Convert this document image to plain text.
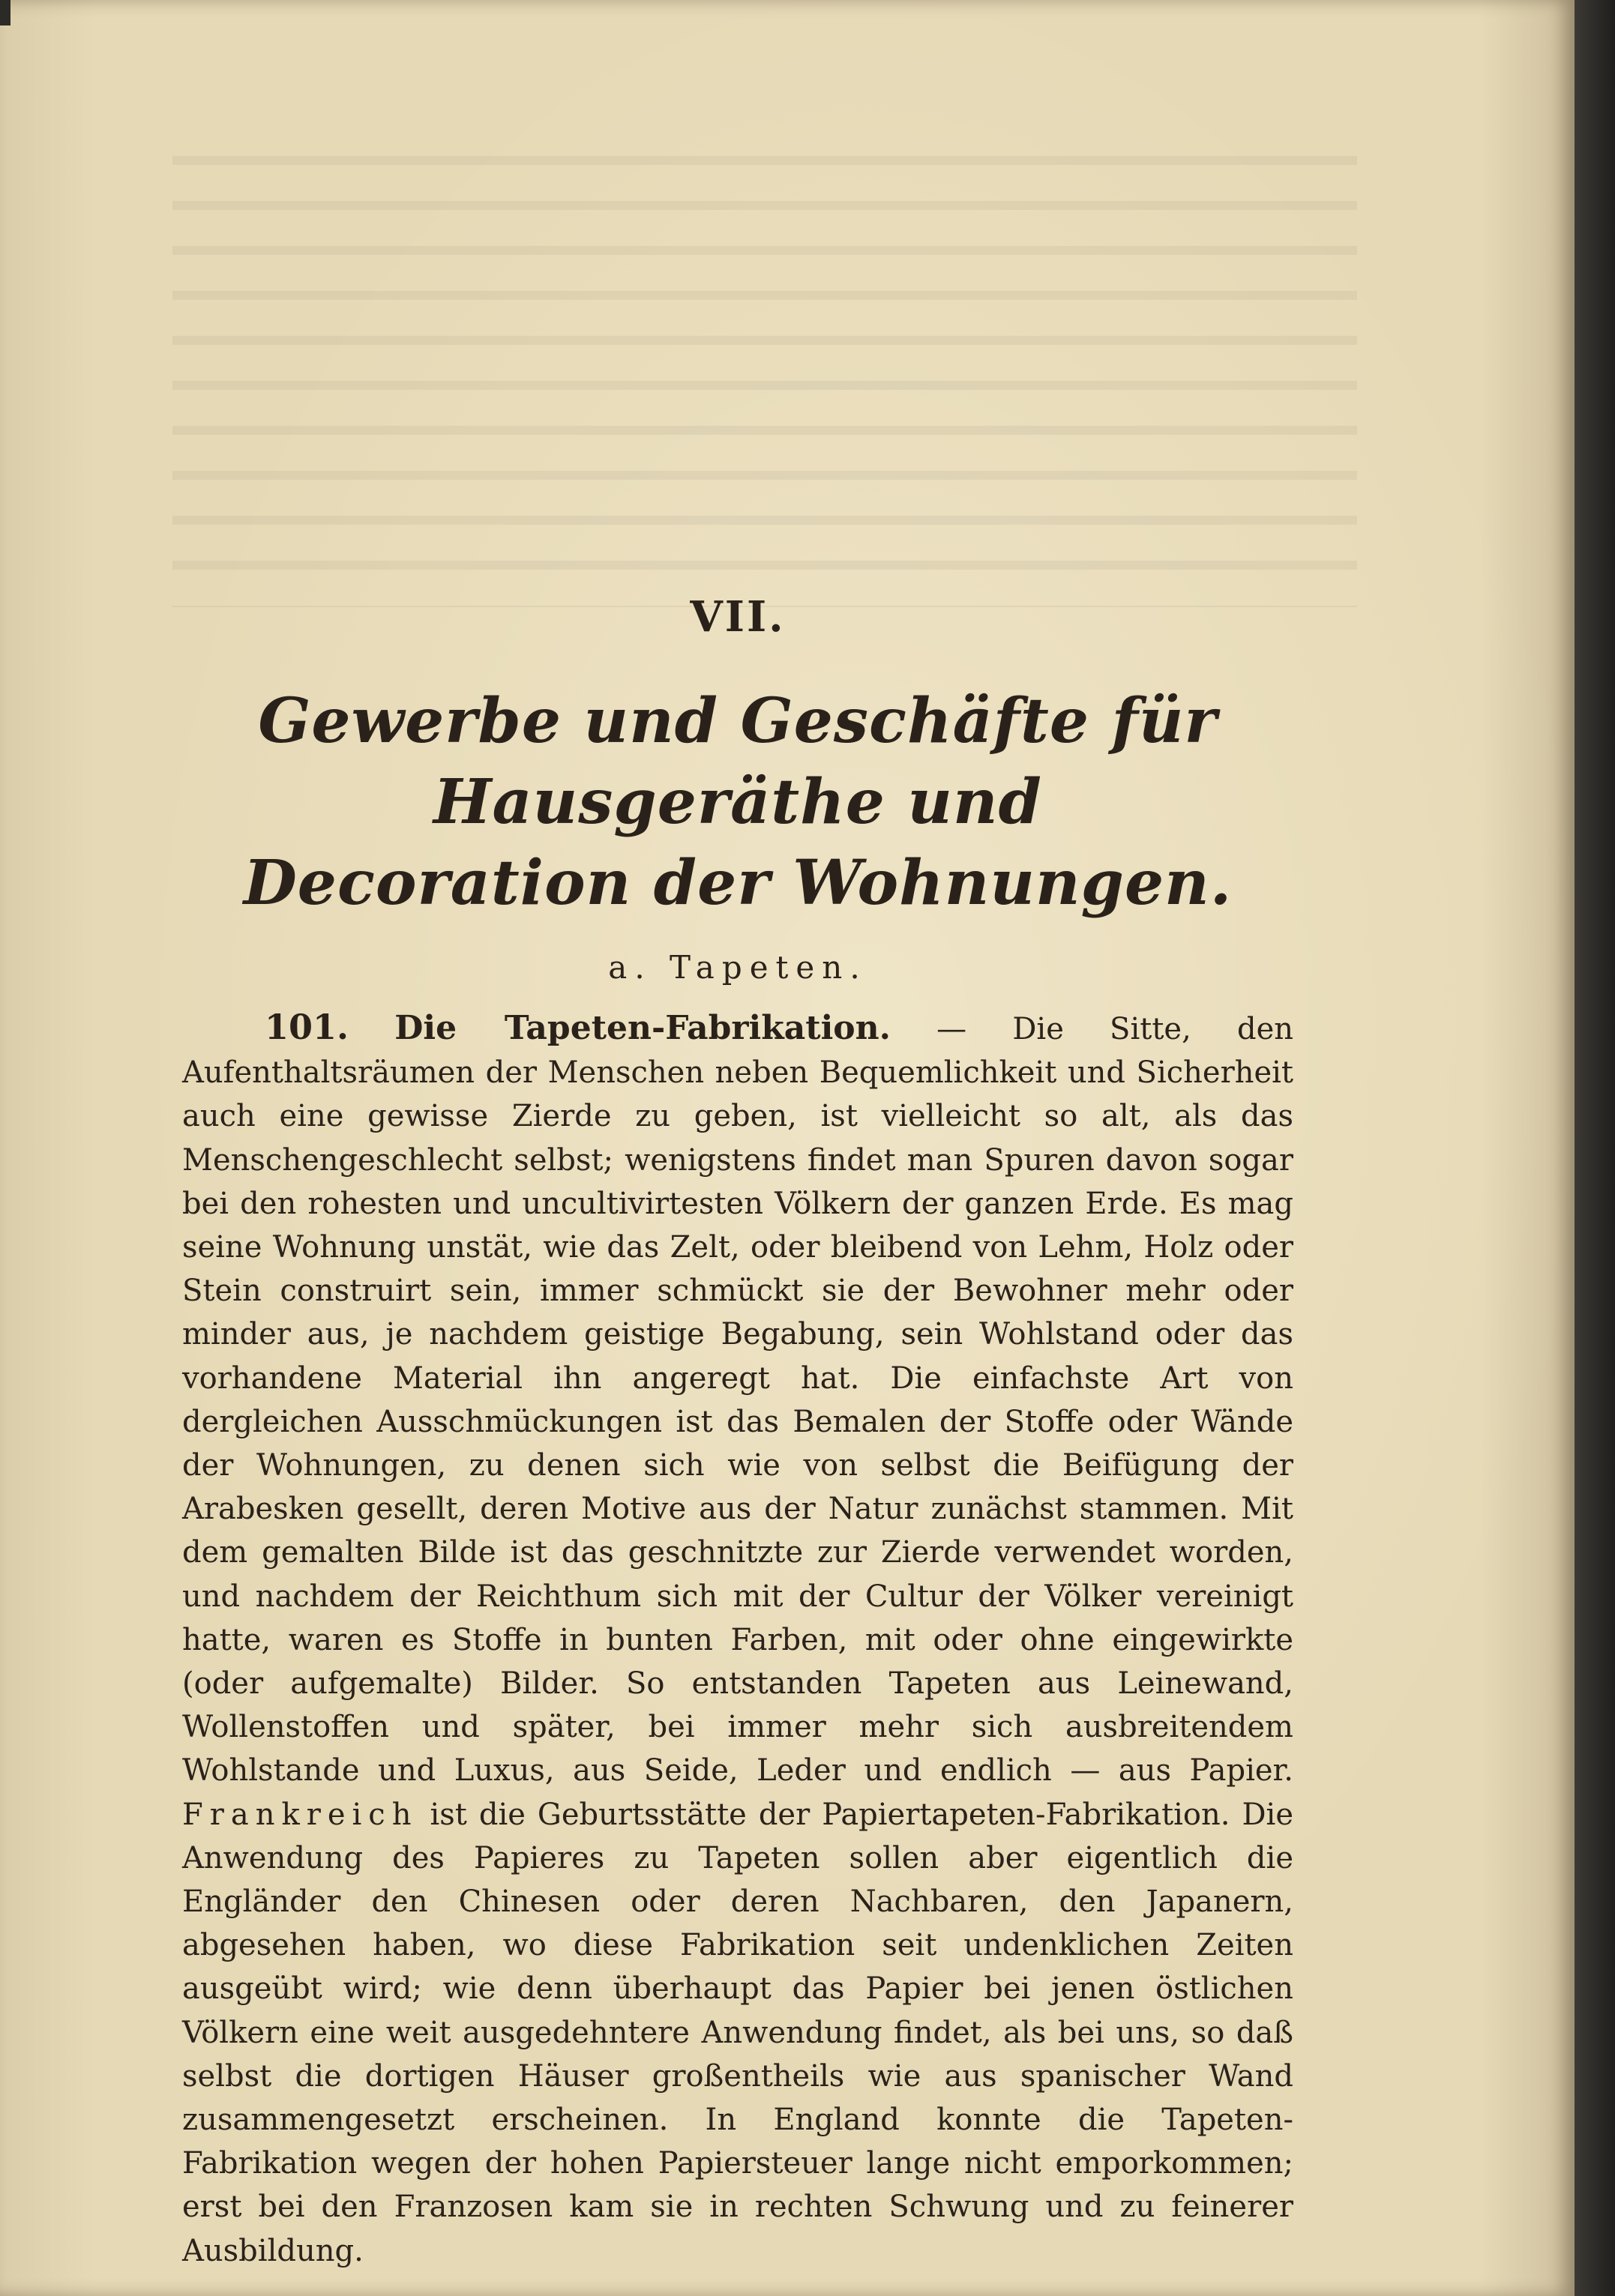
VII.
Gewerbe und Geschäfte für Hausgeräthe und
Decoration der Wohnungen.
a. Tapeten.

101. Die Tapeten-Fabrikation. — Die Sitte, den Aufenthaltsräumen der Menschen neben Bequemlichkeit und Sicherheit auch eine gewisse Zierde zu geben, ist vielleicht so alt, als das Menschengeschlecht selbst; wenigstens findet man Spuren davon sogar bei den rohesten und uncultivirtesten Völkern der ganzen Erde. Es mag seine Wohnung unstät, wie das Zelt, oder bleibend von Lehm, Holz oder Stein construirt sein, immer schmückt sie der Bewohner mehr oder minder aus, je nachdem geistige Begabung, sein Wohlstand oder das vorhandene Material ihn angeregt hat. Die einfachste Art von dergleichen Ausschmückungen ist das Bemalen der Stoffe oder Wände der Wohnungen, zu denen sich wie von selbst die Beifügung der Arabesken gesellt, deren Motive aus der Natur zunächst stammen. Mit dem gemalten Bilde ist das geschnitzte zur Zierde verwendet worden, und nachdem der Reichthum sich mit der Cultur der Völker vereinigt hatte, waren es Stoffe in bunten Farben, mit oder ohne eingewirkte (oder aufgemalte) Bilder. So entstanden Tapeten aus Leinewand, Wollenstoffen und später, bei immer mehr sich ausbreitendem Wohlstande und Luxus, aus Seide, Leder und endlich — aus Papier. Frankreich ist die Geburtsstätte der Papiertapeten-Fabrikation. Die Anwendung des Papieres zu Tapeten sollen aber eigentlich die Engländer den Chinesen oder deren Nachbaren, den Japanern, abgesehen haben, wo diese Fabrikation seit undenklichen Zeiten ausgeübt wird; wie denn überhaupt das Papier bei jenen östlichen Völkern eine weit ausgedehntere Anwendung findet, als bei uns, so daß selbst die dortigen Häuser großentheils wie aus spanischer Wand zusammengesetzt erscheinen. In England konnte die Tapeten-Fabrikation wegen der hohen Papiersteuer lange nicht emporkommen; erst bei den Franzosen kam sie in rechten Schwung und zu feinerer Ausbildung.
